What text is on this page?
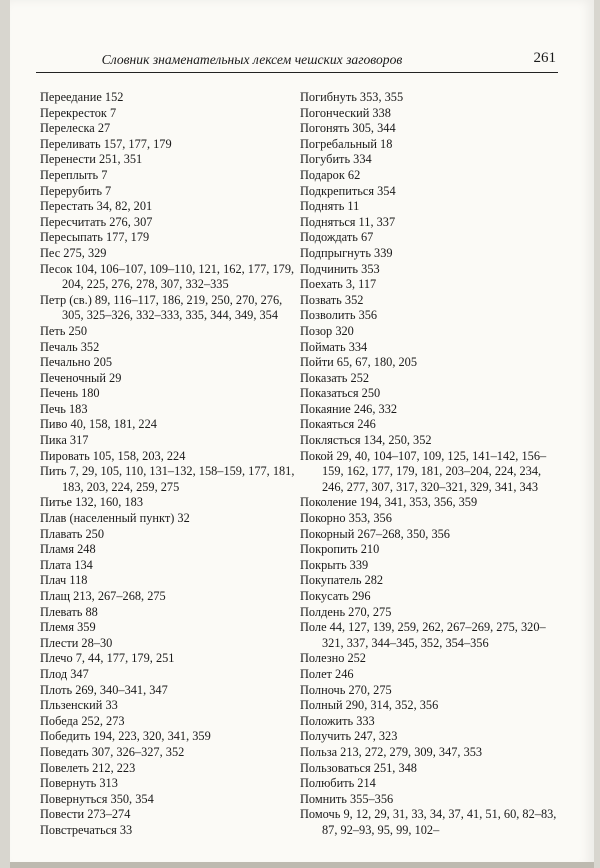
Словник знаменательных лексем чешских заговоров	261
Переедание 152
Перекресток 7
Перелеска 27
Переливать 157, 177, 179
Перенести 251, 351
Переплыть 7
Перерубить 7
Перестать 34, 82, 201
Пересчитать 276, 307
Пересыпать 177, 179
Пес 275, 329
Песок 104, 106–107, 109–110, 121, 162, 177, 179, 204, 225, 276, 278, 307, 332–335
Петр (св.) 89, 116–117, 186, 219, 250, 270, 276, 305, 325–326, 332–333, 335, 344, 349, 354
Петь 250
Печаль 352
Печально 205
Печеночный 29
Печень 180
Печь 183
Пиво 40, 158, 181, 224
Пика 317
Пировать 105, 158, 203, 224
Пить 7, 29, 105, 110, 131–132, 158–159, 177, 181, 183, 203, 224, 259, 275
Питье 132, 160, 183
Плав (населенный пункт) 32
Плавать 250
Пламя 248
Плата 134
Плач 118
Плащ 213, 267–268, 275
Плевать 88
Племя 359
Плести 28–30
Плечо 7, 44, 177, 179, 251
Плод 347
Плоть 269, 340–341, 347
Пльзенский 33
Победа 252, 273
Победить 194, 223, 320, 341, 359
Поведать 307, 326–327, 352
Повелеть 212, 223
Повернуть 313
Повернуться 350, 354
Повести 273–274
Повстречаться 33
Погибнуть 353, 355
Погонческий 338
Погонять 305, 344
Погребальный 18
Погубить 334
Подарок 62
Подкрепиться 354
Поднять 11
Подняться 11, 337
Подождать 67
Подпрыгнуть 339
Подчинить 353
Поехать 3, 117
Позвать 352
Позволить 356
Позор 320
Поймать 334
Пойти 65, 67, 180, 205
Показать 252
Показаться 250
Покаяние 246, 332
Покаяться 246
Поклясться 134, 250, 352
Покой 29, 40, 104–107, 109, 125, 141–142, 156–159, 162, 177, 179, 181, 203–204, 224, 234, 246, 277, 307, 317, 320–321, 329, 341, 343
Поколение 194, 341, 353, 356, 359
Покорно 353, 356
Покорный 267–268, 350, 356
Покропить 210
Покрыть 339
Покупатель 282
Покусать 296
Полдень 270, 275
Поле 44, 127, 139, 259, 262, 267–269, 275, 320–321, 337, 344–345, 352, 354–356
Полезно 252
Полет 246
Полночь 270, 275
Полный 290, 314, 352, 356
Положить 333
Получить 247, 323
Польза 213, 272, 279, 309, 347, 353
Пользоваться 251, 348
Полюбить 214
Помнить 355–356
Помочь 9, 12, 29, 31, 33, 34, 37, 41, 51, 60, 82–83, 87, 92–93, 95, 99, 102–
